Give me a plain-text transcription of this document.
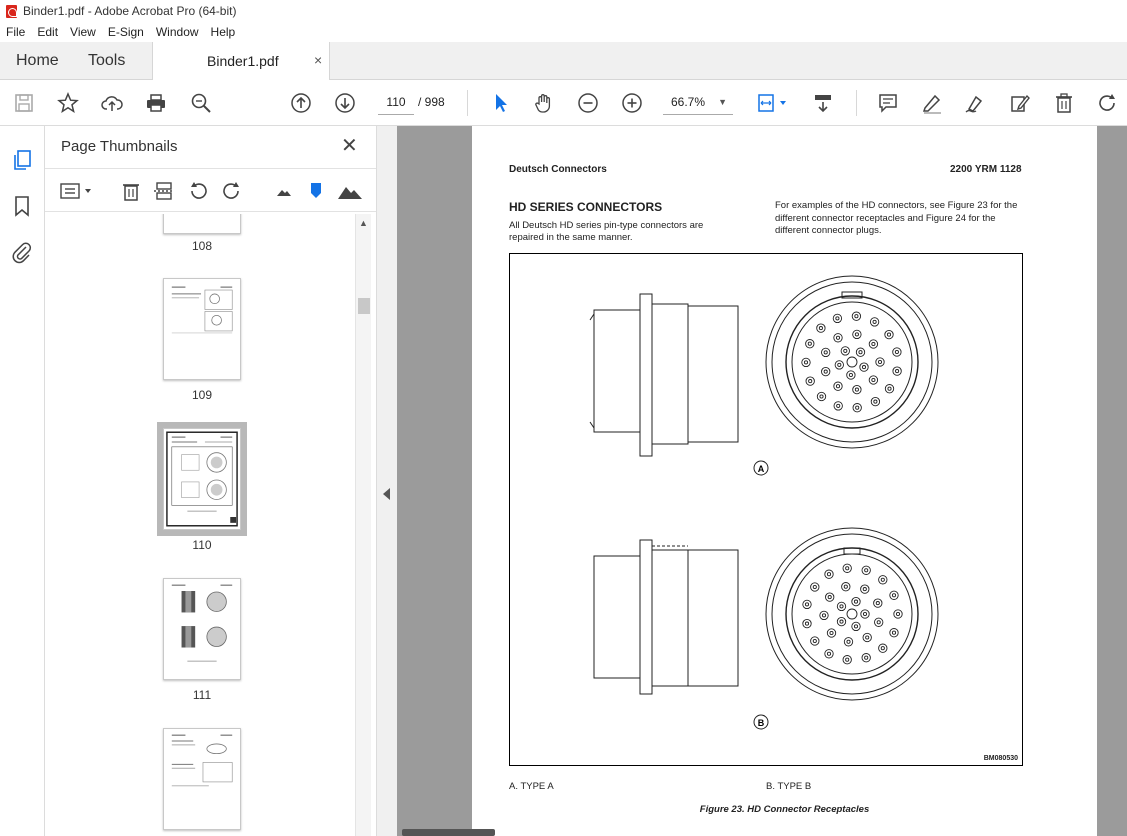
Binder1.pdf - Adobe Acrobat Pro (64-bit)
File Edit View E-Sign Window Help
Home Tools	Binder1.pdf	×
110	/ 998	66.7% ▼
Page Thumbnails	✕
108
109
110
111
▲
Deutsch Connectors	2200 YRM 1128
HD SERIES CONNECTORS

All Deutsch HD series pin-type connectors are repaired in the same manner.

For examples of the HD connectors, see Figure 23 for the different connector receptacles and Figure 24 for the different connector plugs.

A
B
BM080530
A. TYPE A	B. TYPE B
Figure 23. HD Connector Receptacles
